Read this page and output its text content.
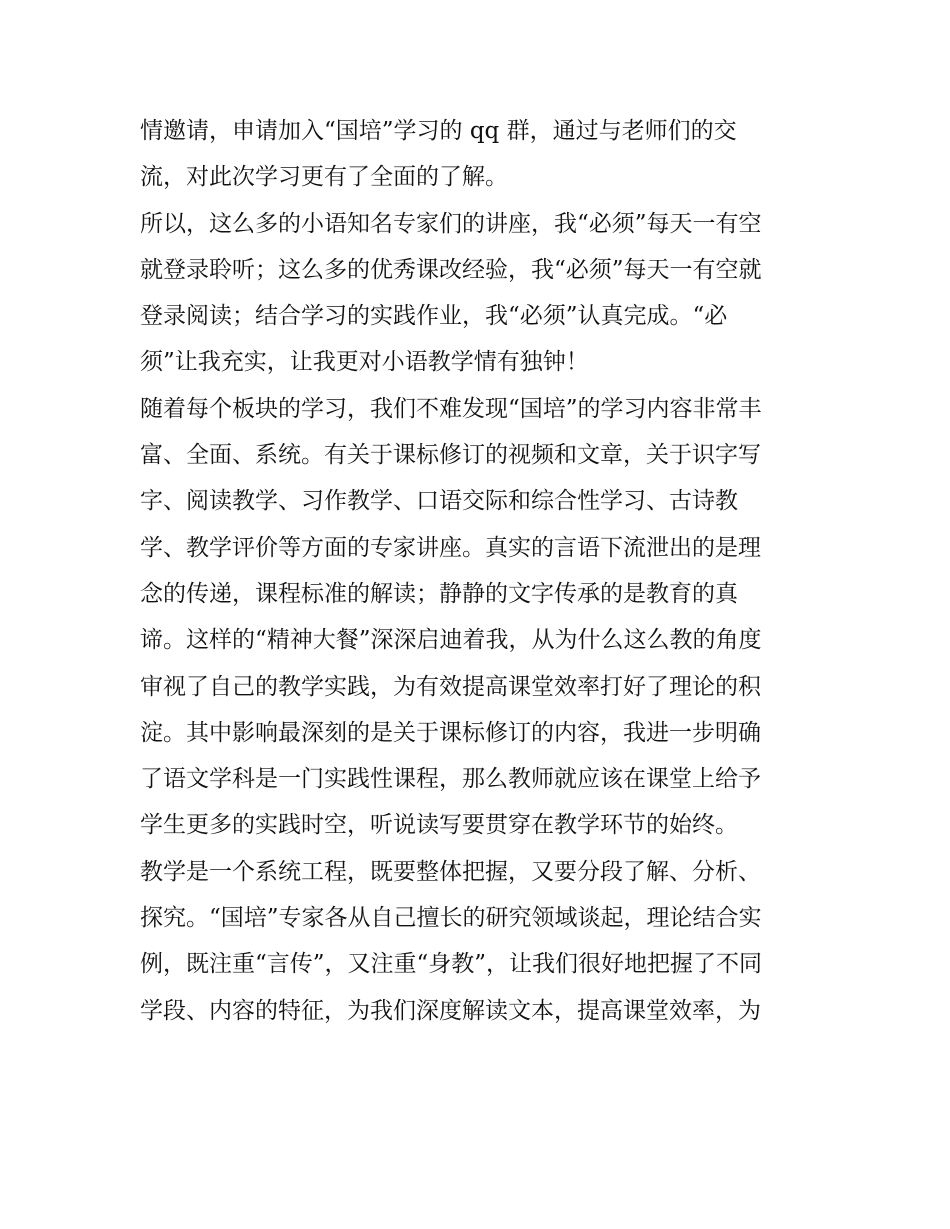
情邀请，申请加入“国培”学习的 qq 群，通过与老师们的交
流，对此次学习更有了全面的了解。
所以，这么多的小语知名专家们的讲座，我“必须”每天一有空
就登录聆听；这么多的优秀课改经验，我“必须”每天一有空就
登录阅读；结合学习的实践作业，我“必须”认真完成。“必
须”让我充实，让我更对小语教学情有独钟！
随着每个板块的学习，我们不难发现“国培”的学习内容非常丰
富、全面、系统。有关于课标修订的视频和文章，关于识字写
字、阅读教学、习作教学、口语交际和综合性学习、古诗教
学、教学评价等方面的专家讲座。真实的言语下流泄出的是理
念的传递，课程标准的解读；静静的文字传承的是教育的真
谛。这样的“精神大餐”深深启迪着我，从为什么这么教的角度
审视了自己的教学实践，为有效提高课堂效率打好了理论的积
淀。其中影响最深刻的是关于课标修订的内容，我进一步明确
了语文学科是一门实践性课程，那么教师就应该在课堂上给予
学生更多的实践时空，听说读写要贯穿在教学环节的始终。
教学是一个系统工程，既要整体把握，又要分段了解、分析、
探究。“国培”专家各从自己擅长的研究领域谈起，理论结合实
例，既注重“言传”，又注重“身教”，让我们很好地把握了不同
学段、内容的特征，为我们深度解读文本，提高课堂效率，为
